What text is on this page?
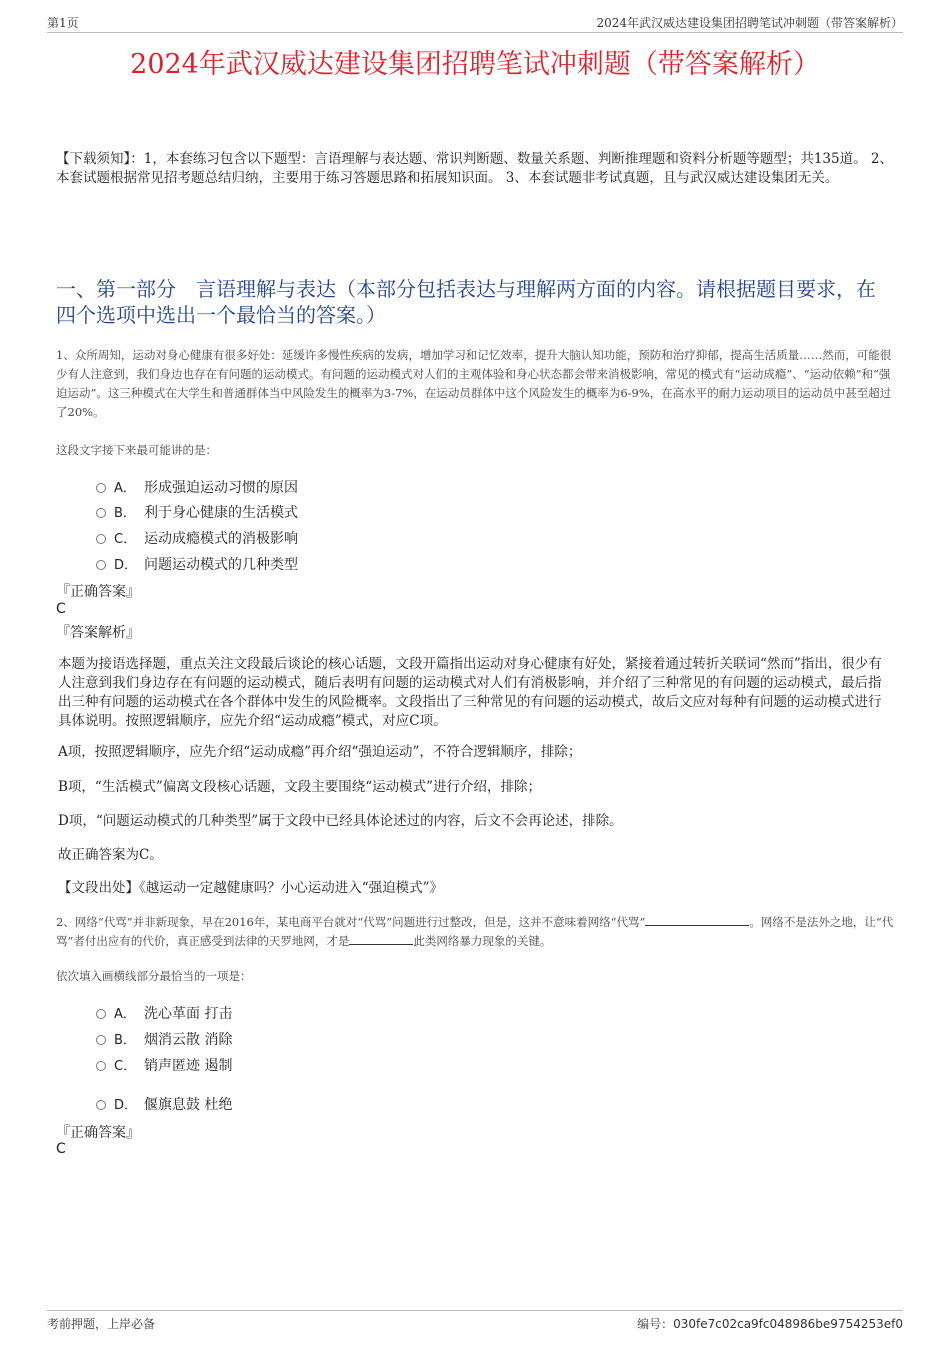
第1页	2024年武汉威达建设集团招聘笔试冲刺题（带答案解析）
2024年武汉威达建设集团招聘笔试冲刺题（带答案解析）
【下载须知】：1，本套练习包含以下题型：言语理解与表达题、常识判断题、数量关系题、判断推理题和资料分析题等题型；共135道。 2、本套试题根据常见招考题总结归纳，主要用于练习答题思路和拓展知识面。 3、本套试题非考试真题，且与武汉威达建设集团无关。
一、第一部分　言语理解与表达（本部分包括表达与理解两方面的内容。请根据题目要求，在四个选项中选出一个最恰当的答案。）
1、众所周知，运动对身心健康有很多好处：延缓许多慢性疾病的发病，增加学习和记忆效率，提升大脑认知功能，预防和治疗抑郁，提高生活质量……然而，可能很少有人注意到，我们身边也存在有问题的运动模式。有问题的运动模式对人们的主观体验和身心状态都会带来消极影响，常见的模式有“运动成瘾”、“运动依赖”和“强迫运动”。这三种模式在大学生和普通群体当中风险发生的概率为3-7%，在运动员群体中这个风险发生的概率为6-9%，在高水平的耐力运动项目的运动员中甚至超过了20%。
这段文字接下来最可能讲的是：
A． 形成强迫运动习惯的原因
B． 利于身心健康的生活模式
C． 运动成瘾模式的消极影响
D． 问题运动模式的几种类型
『正确答案』
C
『答案解析』
本题为接语选择题，重点关注文段最后谈论的核心话题，文段开篇指出运动对身心健康有好处，紧接着通过转折关联词“然而”指出，很少有人注意到我们身边存在有问题的运动模式，随后表明有问题的运动模式对人们有消极影响，并介绍了三种常见的有问题的运动模式，最后指出三种有问题的运动模式在各个群体中发生的风险概率。文段指出了三种常见的有问题的运动模式，故后文应对每种有问题的运动模式进行具体说明。按照逻辑顺序，应先介绍“运动成瘾”模式，对应C项。
A项，按照逻辑顺序，应先介绍“运动成瘾”再介绍“强迫运动”，不符合逻辑顺序，排除；
B项，“生活模式”偏离文段核心话题，文段主要围绕“运动模式”进行介绍，排除；
D项，“问题运动模式的几种类型”属于文段中已经具体论述过的内容，后文不会再论述，排除。
故正确答案为C。
【文段出处】《越运动一定越健康吗？小心运动进入“强迫模式”》
2、网络“代骂”并非新现象，早在2016年，某电商平台就对“代骂”问题进行过整改，但是，这并不意味着网络“代骂”	。网络不是法外之地，让“代骂”者付出应有的代价，真正感受到法律的天罗地网，才是	此类网络暴力现象的关键。
依次填入画横线部分最恰当的一项是：
A． 洗心革面 打击
B． 烟消云散 消除
C． 销声匿迹 遏制
D． 偃旗息鼓 杜绝
『正确答案』
C
考前押题，上岸必备	编号：030fe7c02ca9fc048986be9754253ef0
